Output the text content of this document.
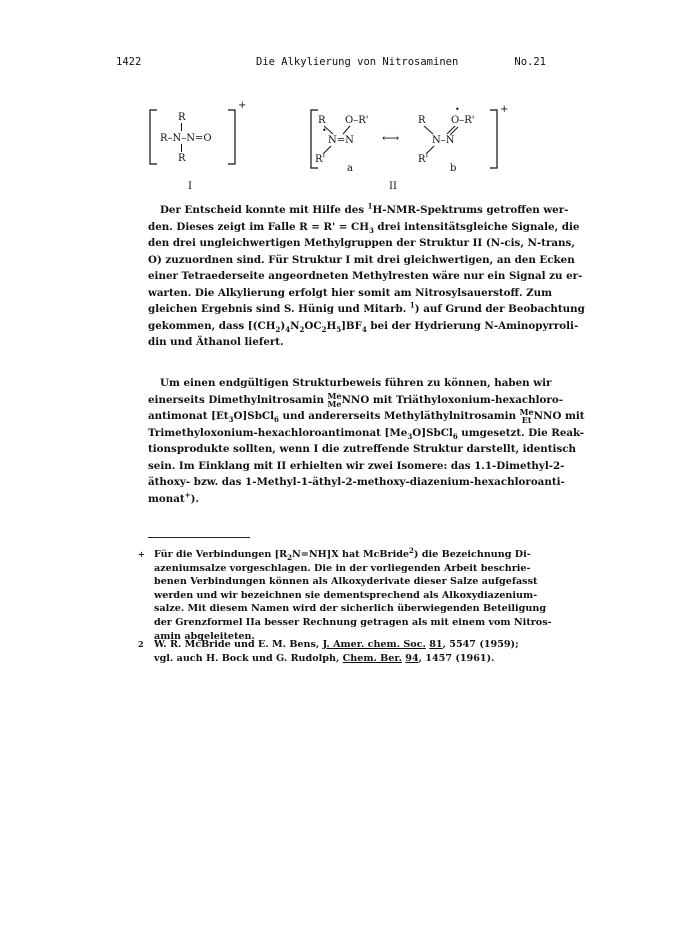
1422	Die Alkylierung von Nitrosaminen	No.21
+
R
R–N–N=O
R
I
+
R
•
O–R'
N=N
R'
a
⟷
R
•
O–R'
N–N
R'
b
II
Der Entscheid konnte mit Hilfe des $^1$H-NMR-Spektrums getroffen wer-
den. Dieses zeigt im Falle $R = R' = CH_3$ drei intensitätsgleiche Signale, die
den drei ungleichwertigen Methylgruppen der Struktur II (N-cis, N-trans,
O) zuzuordnen sind. Für Struktur I mit drei gleichwertigen, an den Ecken
einer Tetraederseite angeordneten Methylresten wäre nur ein Signal zu er-
warten. Die Alkylierung erfolgt hier somit am Nitrosylsauerstoff. Zum
gleichen Ergebnis sind S. Hünig und Mitarb. $^1$) auf Grund der Beobachtung
gekommen, dass $[(CH_2)_4N_2OC_2H_5]BF_4$ bei der Hydrierung N-Aminopyrroli-
din und Äthanol liefert.
Um einen endgültigen Strukturbeweis führen zu können, haben wir
einerseits Dimethylnitrosamin Me
Me NNO mit Triäthyloxonium-hexachloro-
antimonat $[Et_3O]SbCl_6$ und andererseits Methyläthylnitrosamin Me
Et NNO mit
Trimethyloxonium-hexachloroantimonat $[Me_3O]SbCl_6$ umgesetzt. Die Reak-
tionsprodukte sollten, wenn I die zutreffende Struktur darstellt, identisch
sein. Im Einklang mit II erhielten wir zwei Isomere: das 1.1-Dimethyl-2-
äthoxy- bzw. das 1-Methyl-1-äthyl-2-methoxy-diazenium-hexachloroanti-
monat+).
+ Für die Verbindungen $[R_2N=NH]X$ hat McBride$^2$) die Bezeichnung Di-
azeniumsalze vorgeschlagen. Die in der vorliegenden Arbeit beschrie-
benen Verbindungen können als Alkoxyderivate dieser Salze aufgefasst
werden und wir bezeichnen sie dementsprechend als Alkoxydiazenium-
salze. Mit diesem Namen wird der sicherlich überwiegenden Beteiligung
der Grenzformel IIa besser Rechnung getragen als mit einem vom Nitros-
amin abgeleiteten.
2	W. R. McBride und E. M. Bens, J. Amer. chem. Soc. 81, 5547 (1959);
vgl. auch H. Bock und G. Rudolph, Chem. Ber. 94, 1457 (1961).
